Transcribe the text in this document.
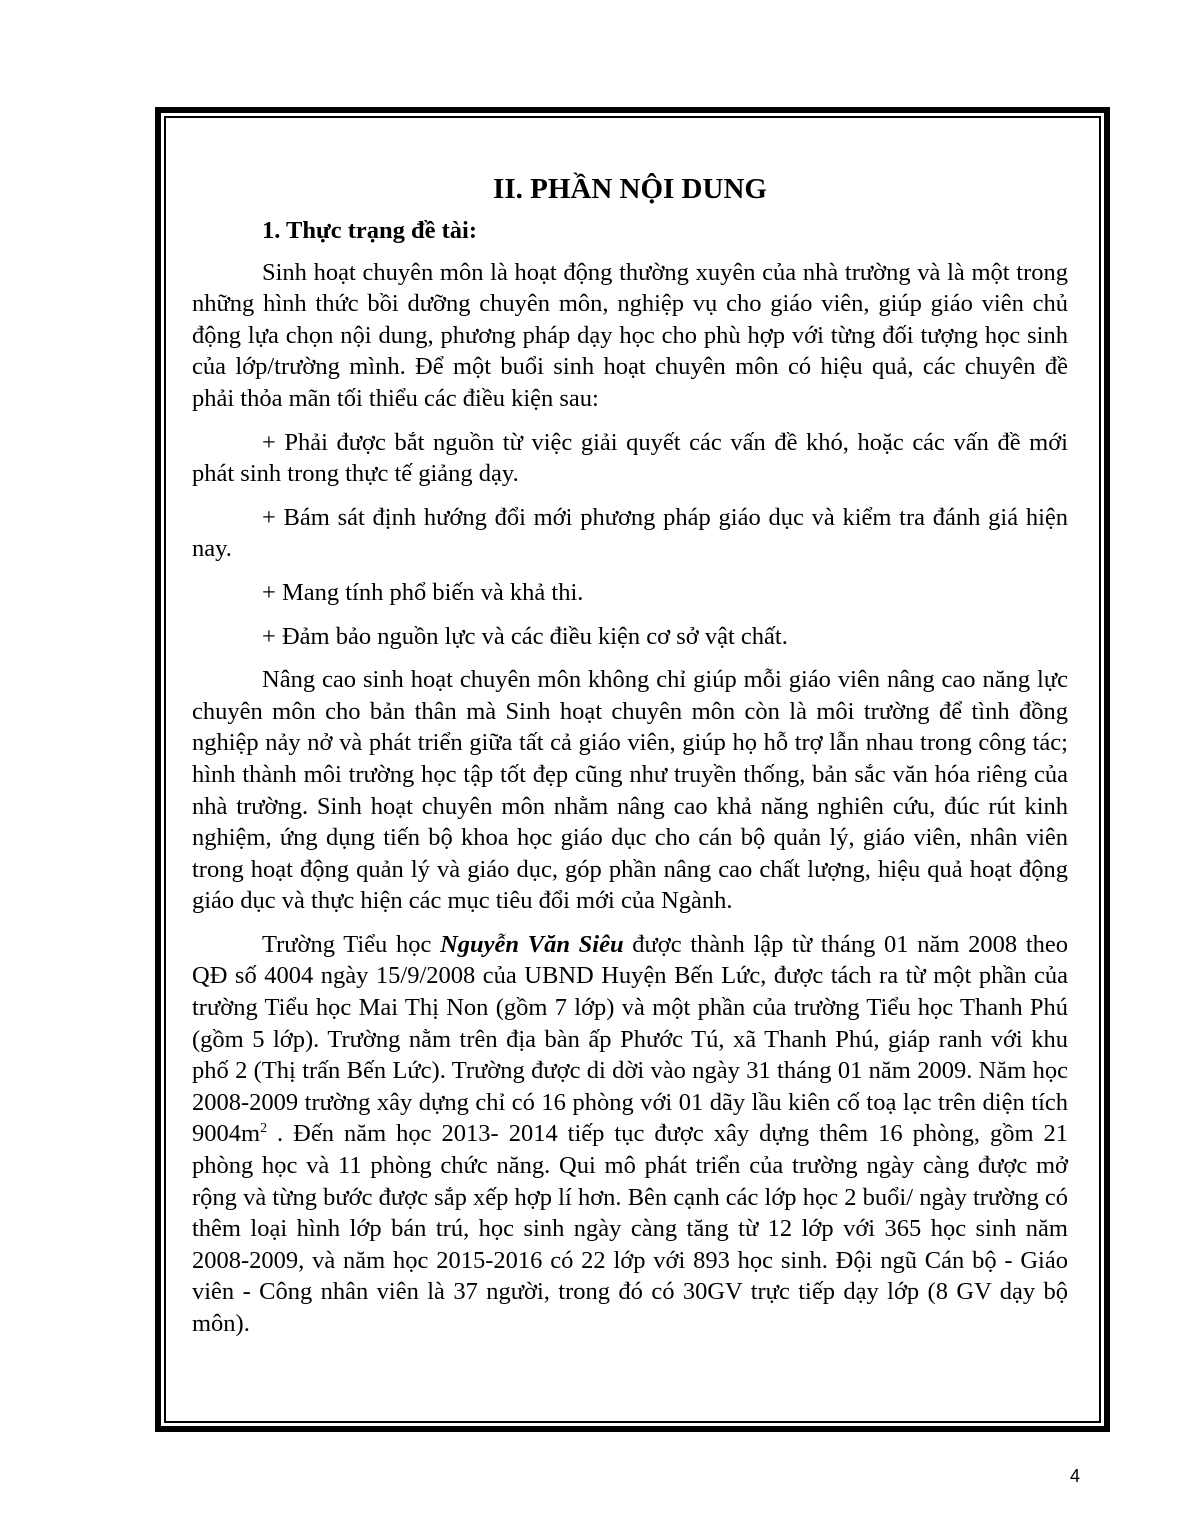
II. PHẦN NỘI DUNG
1. Thực trạng đề tài:

Sinh hoạt chuyên môn là hoạt động thường xuyên của nhà trường và là một trong những hình thức bồi dưỡng chuyên môn, nghiệp vụ cho giáo viên, giúp giáo viên chủ động lựa chọn nội dung, phương pháp dạy học cho phù hợp với từng đối tượng học sinh của lớp/trường mình. Để một buổi sinh hoạt chuyên môn có hiệu quả, các chuyên đề phải thỏa mãn tối thiểu các điều kiện sau:

+ Phải được bắt nguồn từ việc giải quyết các vấn đề khó, hoặc các vấn đề mới phát sinh trong thực tế giảng dạy.

+ Bám sát định hướng đổi mới phương pháp giáo dục và kiểm tra đánh giá hiện nay.

+ Mang tính phổ biến và khả thi.

+ Đảm bảo nguồn lực và các điều kiện cơ sở vật chất.

Nâng cao sinh hoạt chuyên môn không chỉ giúp mỗi giáo viên nâng cao năng lực chuyên môn cho bản thân mà Sinh hoạt chuyên môn còn là môi trường để tình đồng nghiệp nảy nở và phát triển giữa tất cả giáo viên, giúp họ hỗ trợ lẫn nhau trong công tác; hình thành môi trường học tập tốt đẹp cũng như truyền thống, bản sắc văn hóa riêng của nhà trường. Sinh hoạt chuyên môn nhằm nâng cao khả năng nghiên cứu, đúc rút kinh nghiệm, ứng dụng tiến bộ khoa học giáo dục cho cán bộ quản lý, giáo viên, nhân viên trong hoạt động quản lý và giáo dục, góp phần nâng cao chất lượng, hiệu quả hoạt động giáo dục và thực hiện các mục tiêu đổi mới của Ngành.

Trường Tiểu học Nguyễn Văn Siêu được thành lập từ tháng 01 năm 2008 theo QĐ số 4004 ngày 15/9/2008 của UBND Huyện Bến Lức, được tách ra từ một phần của trường Tiểu học Mai Thị Non (gồm 7 lớp) và một phần của trường Tiểu học Thanh Phú (gồm 5 lớp). Trường nằm trên địa bàn ấp Phước Tú, xã Thanh Phú, giáp ranh với khu phố 2 (Thị trấn Bến Lức). Trường được di dời vào ngày 31 tháng 01 năm 2009. Năm học 2008-2009 trường xây dựng chỉ có 16 phòng với 01 dãy lầu kiên cố toạ lạc trên diện tích $9004m^2$ . Đến năm học 2013- 2014 tiếp tục được xây dựng thêm 16 phòng, gồm 21 phòng học và 11 phòng chức năng. Qui mô phát triển của trường ngày càng được mở rộng và từng bước được sắp xếp hợp lí hơn. Bên cạnh các lớp học 2 buổi/ ngày trường có thêm loại hình lớp bán trú, học sinh ngày càng tăng từ 12 lớp với 365 học sinh năm 2008-2009, và năm học 2015-2016 có 22 lớp với 893 học sinh. Đội ngũ Cán bộ - Giáo viên - Công nhân viên là 37 người, trong đó có 30GV trực tiếp dạy lớp (8 GV dạy bộ môn).

4
